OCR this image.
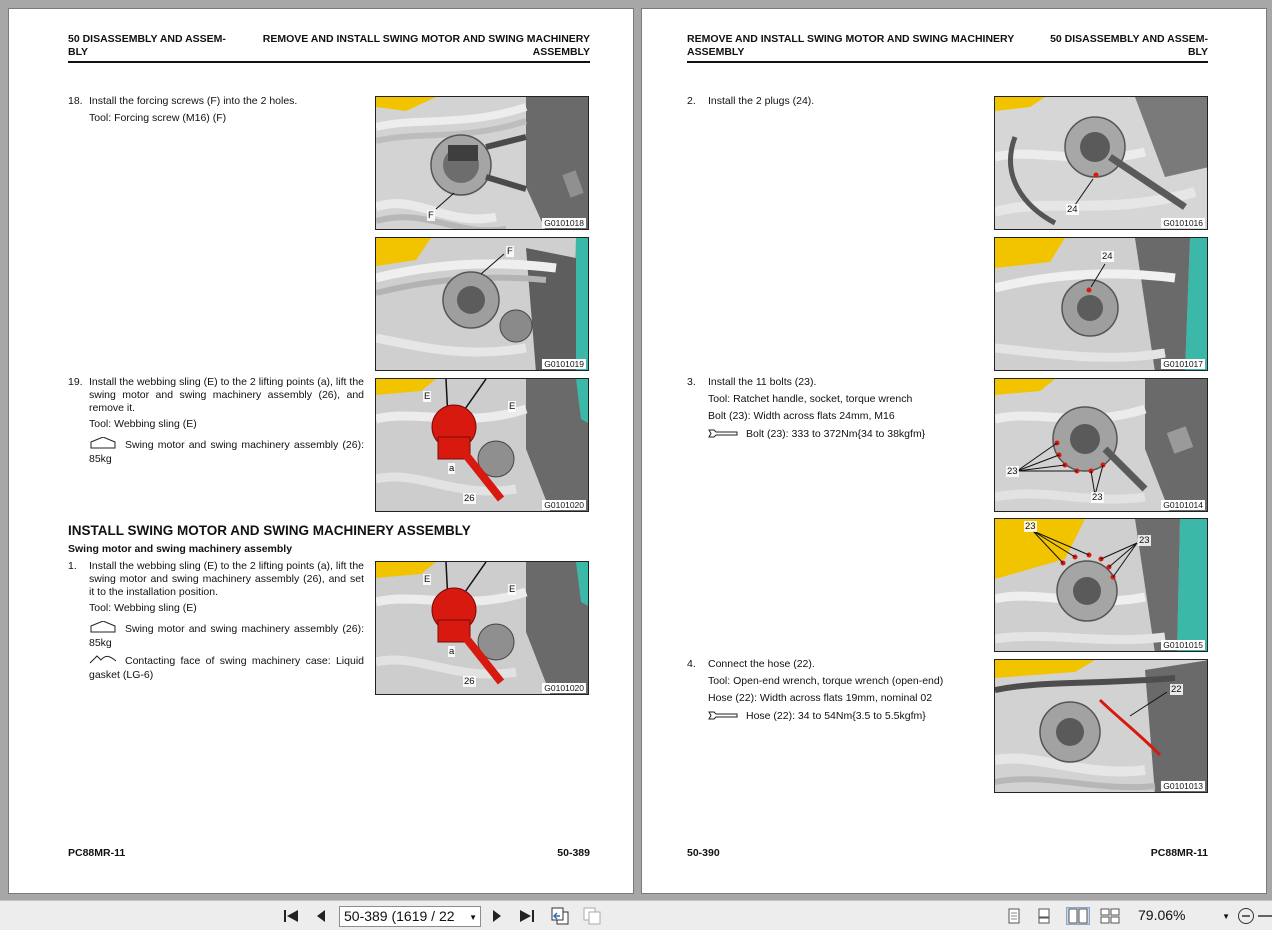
50 DISASSEMBLY AND ASSEM- BLY
REMOVE AND INSTALL SWING MOTOR AND SWING MACHINERY ASSEMBLY
18. Install the forcing screws (F) into the 2 holes.
Tool: Forcing screw (M16) (F)
F
G0101018
F
G0101019
19. Install the webbing sling (E) to the 2 lifting points (a), lift the swing motor and swing machinery assembly (26), and remove it.
Tool: Webbing sling (E)
Swing motor and swing machinery assembly (26): 85kg
E
E
a
26
G0101020
INSTALL SWING MOTOR AND SWING MACHINERY ASSEMBLY
Swing motor and swing machinery assembly
1. Install the webbing sling (E) to the 2 lifting points (a), lift the swing motor and swing machinery assembly (26), and set it to the installation position.
Tool: Webbing sling (E)
Swing motor and swing machinery assembly (26): 85kg
Contacting face of swing machinery case: Liquid gasket (LG-6)
E
E
a
26
G0101020
PC88MR-11	50-389
REMOVE AND INSTALL SWING MOTOR AND SWING MACHINERY ASSEMBLY
50 DISASSEMBLY AND ASSEM- BLY
2. Install the 2 plugs (24).
24
G0101016
24
G0101017
3. Install the 11 bolts (23).
Tool: Ratchet handle, socket, torque wrench
Bolt (23): Width across flats 24mm, M16
Bolt (23): 333 to 372Nm{34 to 38kgfm}
23
23
G0101014
23
23
G0101015
4. Connect the hose (22).
Tool: Open-end wrench, torque wrench (open-end)
Hose (22): Width across flats 19mm, nominal 02
Hose (22): 34 to 54Nm{3.5 to 5.5kgfm}
22
G0101013
50-390	PC88MR-11
50-389 (1619 / 22 ▼	79.06%	▼
